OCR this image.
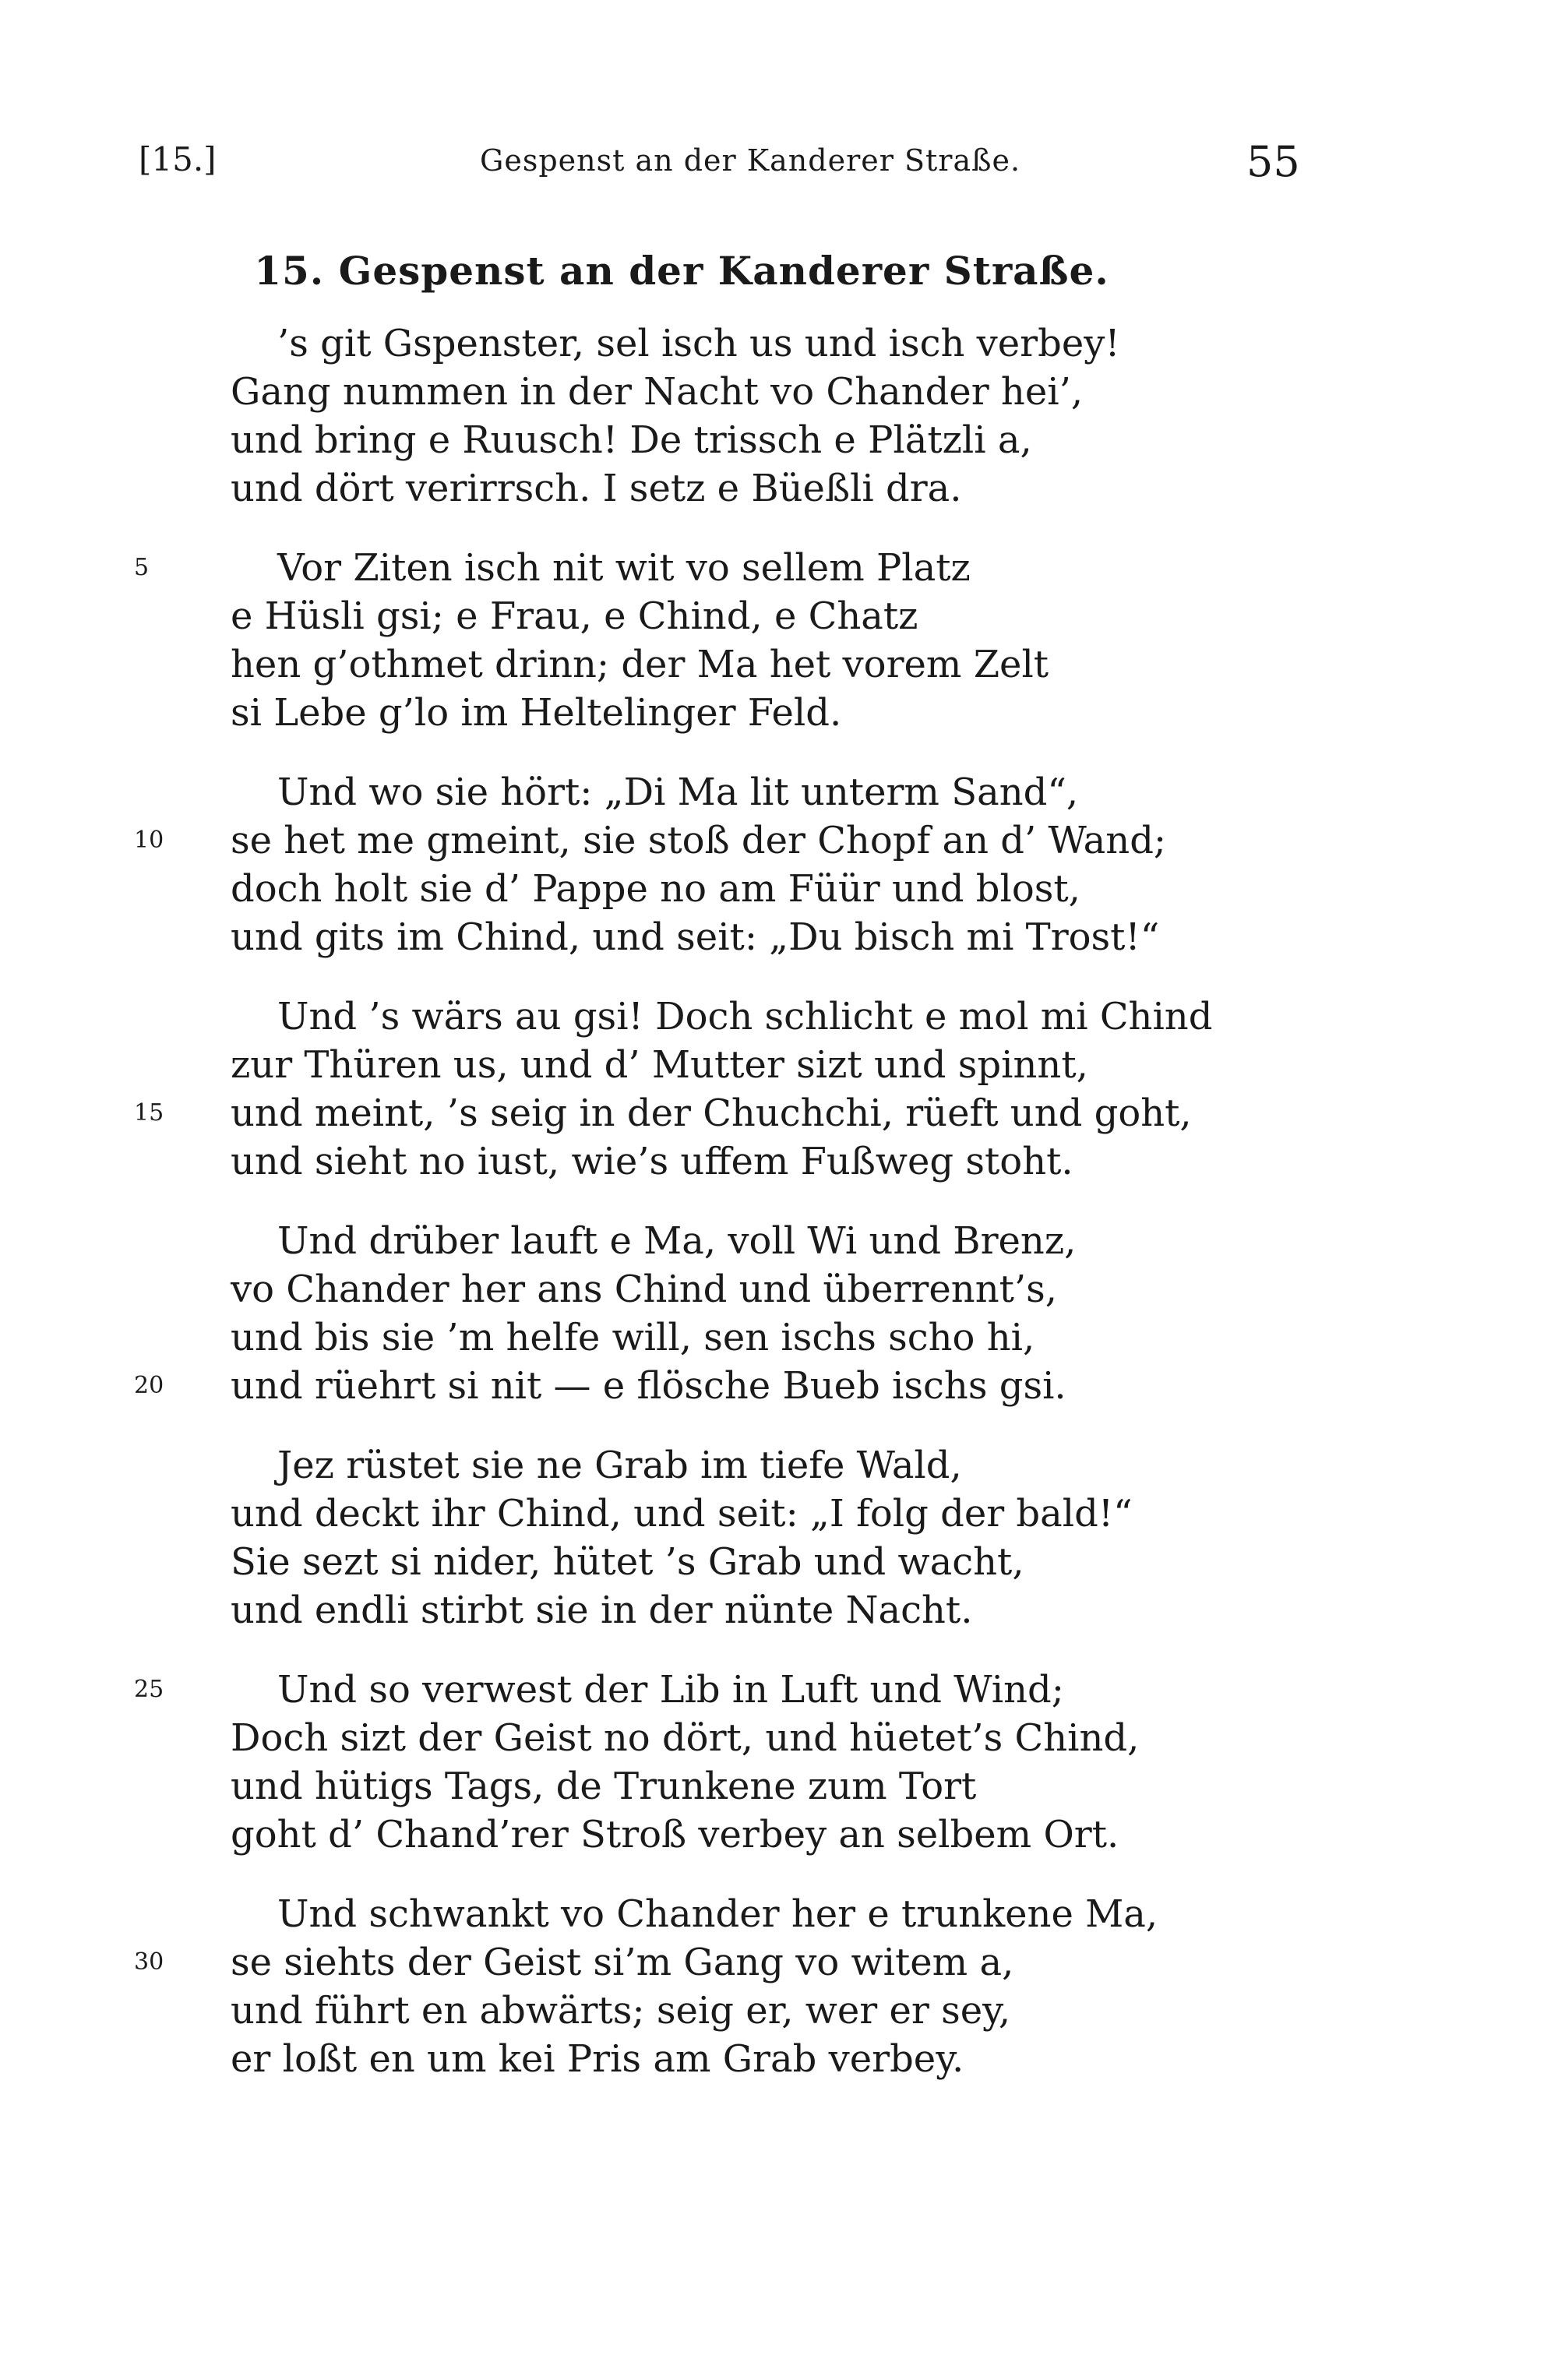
[15.]	Gespenst an der Kanderer Straße.	55
15. Gespenst an der Kanderer Straße.
’s git Gspenster, sel isch us und isch verbey!
Gang nummen in der Nacht vo Chander hei’,
und bring e Ruusch! De trissch e Plätzli a,
und dört verirrsch. I setz e Büeßli dra.
5	Vor Ziten isch nit wit vo sellem Platz
e Hüsli gsi; e Frau, e Chind, e Chatz
hen g’othmet drinn; der Ma het vorem Zelt
si Lebe g’lo im Heltelinger Feld.
Und wo sie hört: „Di Ma lit unterm Sand“,
10 se het me gmeint, sie stoß der Chopf an d’ Wand;
doch holt sie d’ Pappe no am Füür und blost,
und gits im Chind, und seit: „Du bisch mi Trost!“
Und ’s wärs au gsi! Doch schlicht e mol mi Chind
zur Thüren us, und d’ Mutter sizt und spinnt,
15 und meint, ’s seig in der Chuchchi, rüeft und goht,
und sieht no iust, wie’s uffem Fußweg stoht.
Und drüber lauft e Ma, voll Wi und Brenz,
vo Chander her ans Chind und überrennt’s,
und bis sie ’m helfe will, sen ischs scho hi,
20 und rüehrt si nit — e flösche Bueb ischs gsi.
Jez rüstet sie ne Grab im tiefe Wald,
und deckt ihr Chind, und seit: „I folg der bald!“
Sie sezt si nider, hütet ’s Grab und wacht,
und endli stirbt sie in der nünte Nacht.
25	Und so verwest der Lib in Luft und Wind;
Doch sizt der Geist no dört, und hüetet’s Chind,
und hütigs Tags, de Trunkene zum Tort
goht d’ Chand’rer Stroß verbey an selbem Ort.
Und schwankt vo Chander her e trunkene Ma,
30 se siehts der Geist si’m Gang vo witem a,
und führt en abwärts; seig er, wer er sey,
er loßt en um kei Pris am Grab verbey.
